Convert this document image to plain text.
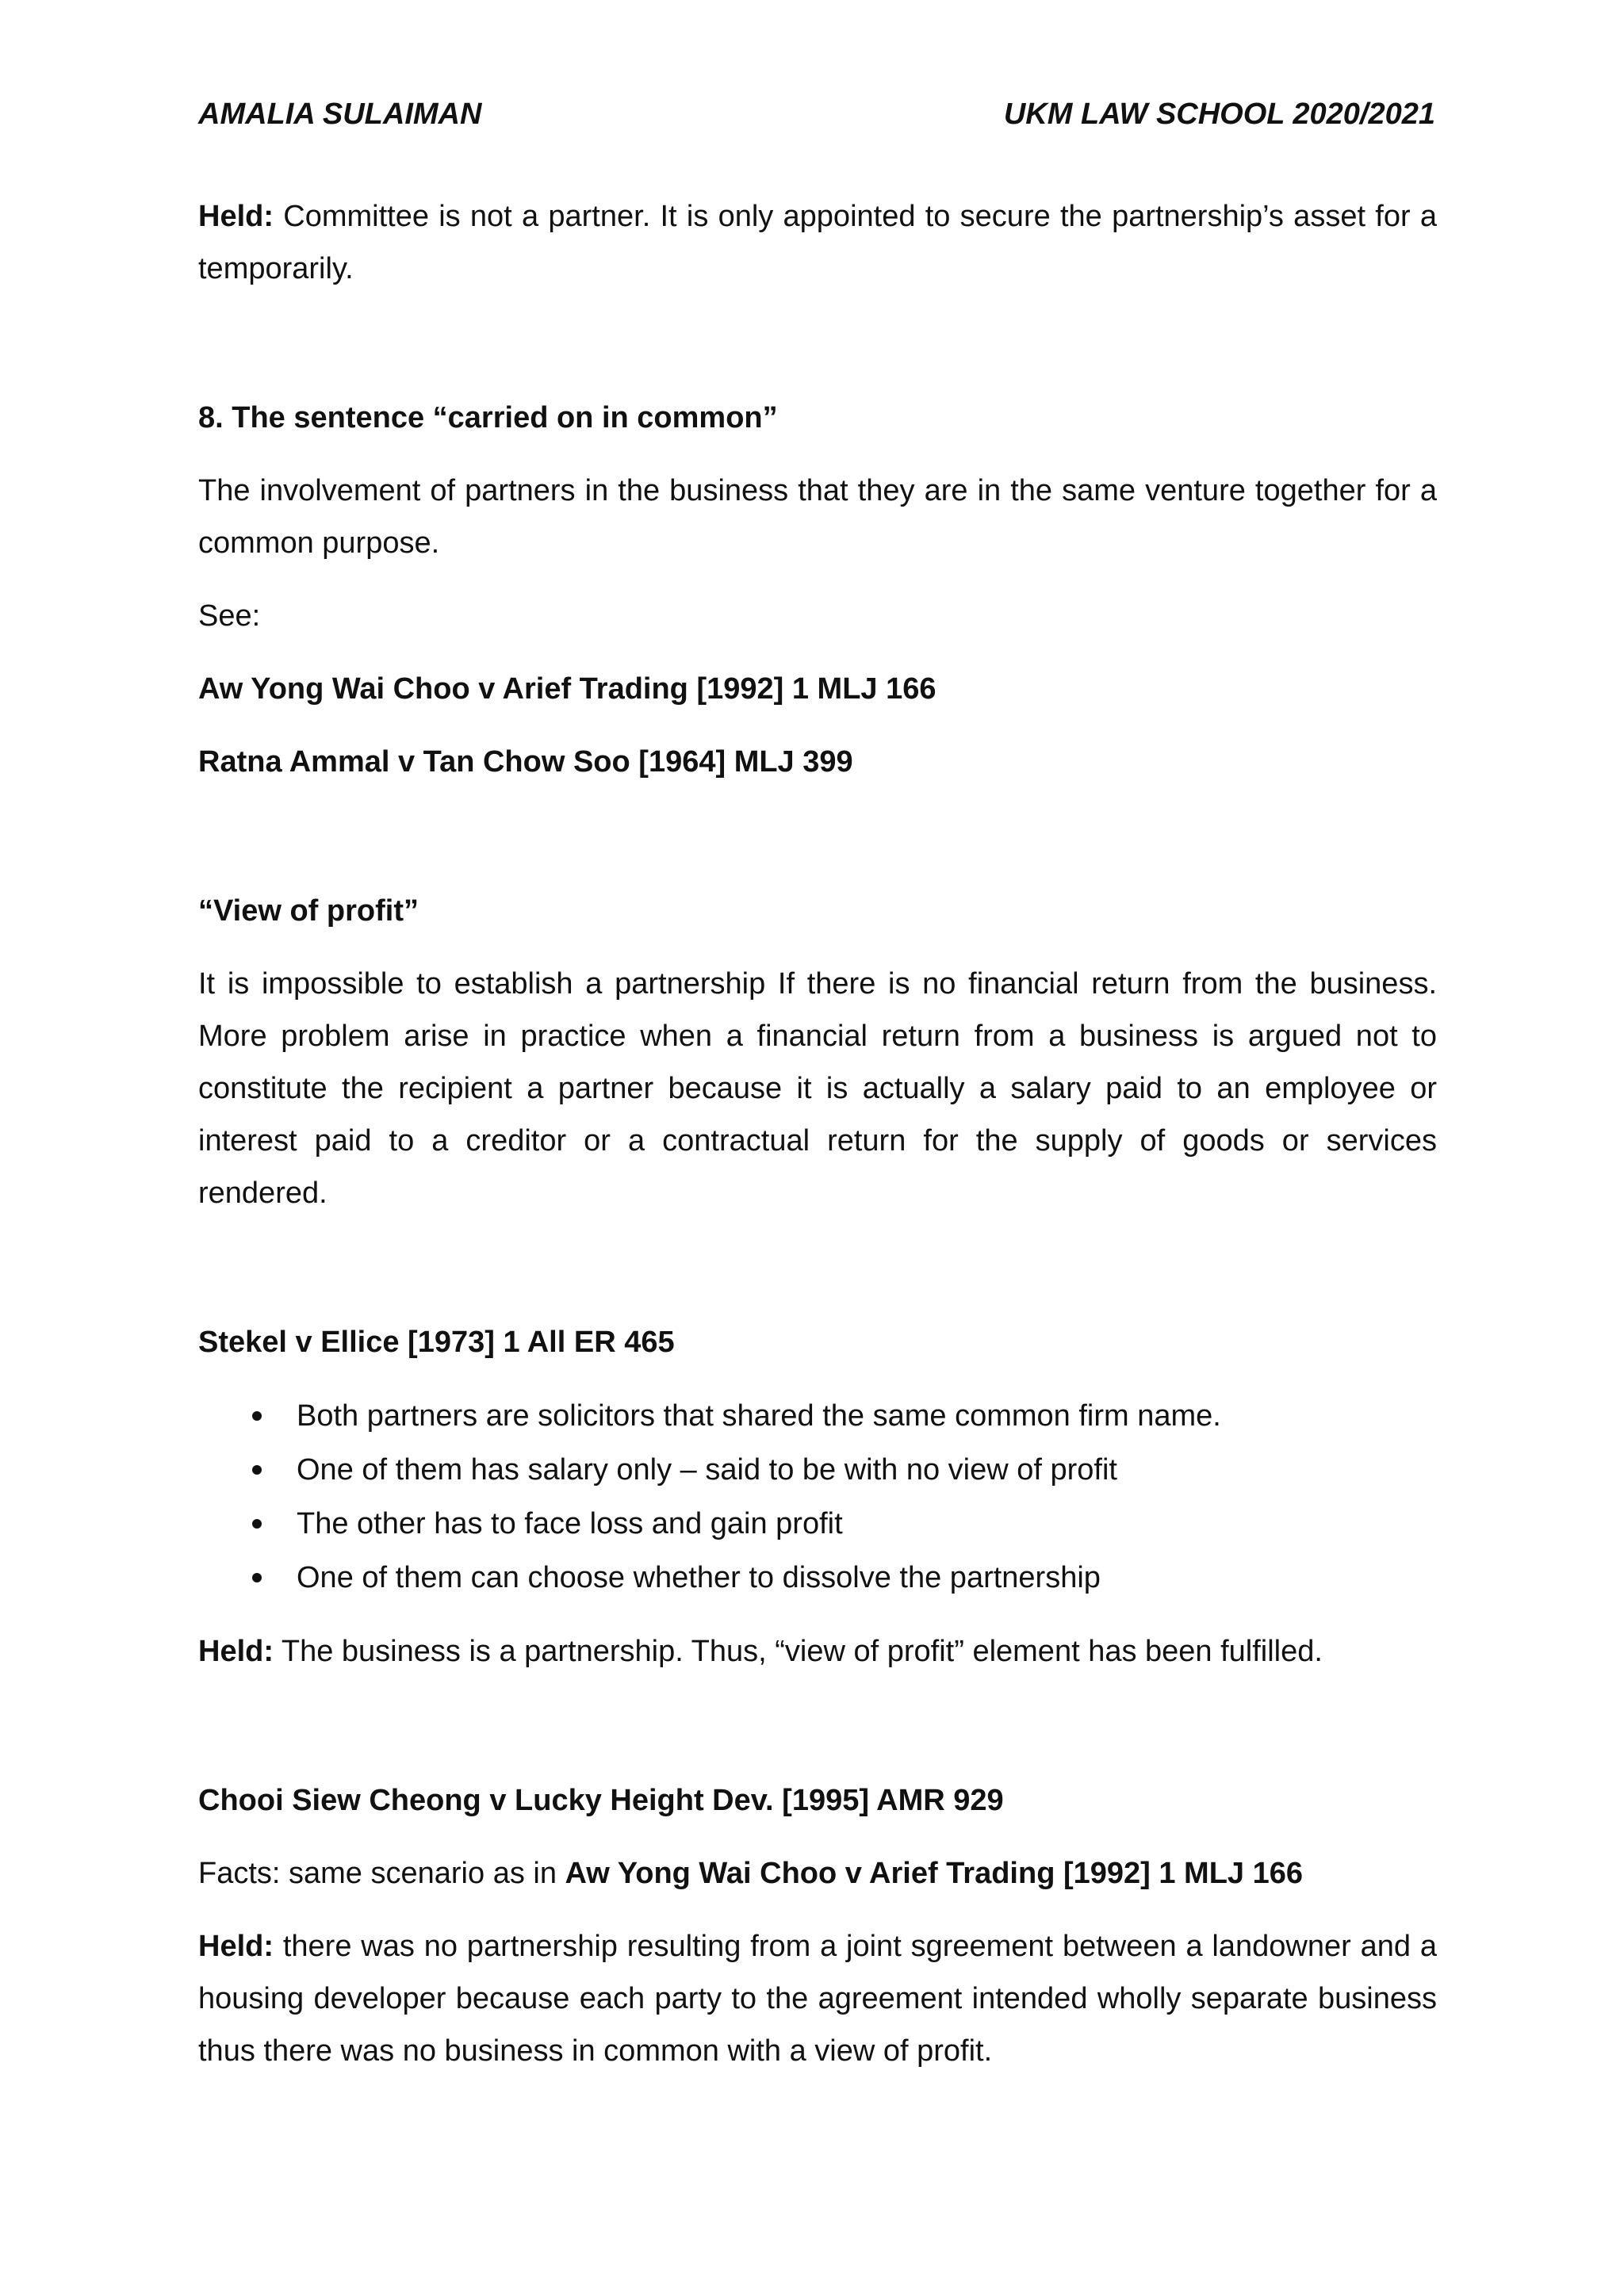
AMALIA SULAIMAN	UKM LAW SCHOOL 2020/2021

Held: Committee is not a partner. It is only appointed to secure the partnership’s asset for a temporarily.

8. The sentence “carried on in common”

The involvement of partners in the business that they are in the same venture together for a common purpose.

See:

Aw Yong Wai Choo v Arief Trading [1992] 1 MLJ 166

Ratna Ammal v Tan Chow Soo [1964] MLJ 399

“View of profit”

It is impossible to establish a partnership If there is no financial return from the business. More problem arise in practice when a financial return from a business is argued not to constitute the recipient a partner because it is actually a salary paid to an employee or interest paid to a creditor or a contractual return for the supply of goods or services rendered.

Stekel v Ellice [1973] 1 All ER 465

Both partners are solicitors that shared the same common firm name.
One of them has salary only – said to be with no view of profit
The other has to face loss and gain profit
One of them can choose whether to dissolve the partnership

Held: The business is a partnership. Thus, “view of profit” element has been fulfilled.

Chooi Siew Cheong v Lucky Height Dev. [1995] AMR 929

Facts: same scenario as in Aw Yong Wai Choo v Arief Trading [1992] 1 MLJ 166

Held: there was no partnership resulting from a joint sgreement between a landowner and a housing developer because each party to the agreement intended wholly separate business thus there was no business in common with a view of profit.
